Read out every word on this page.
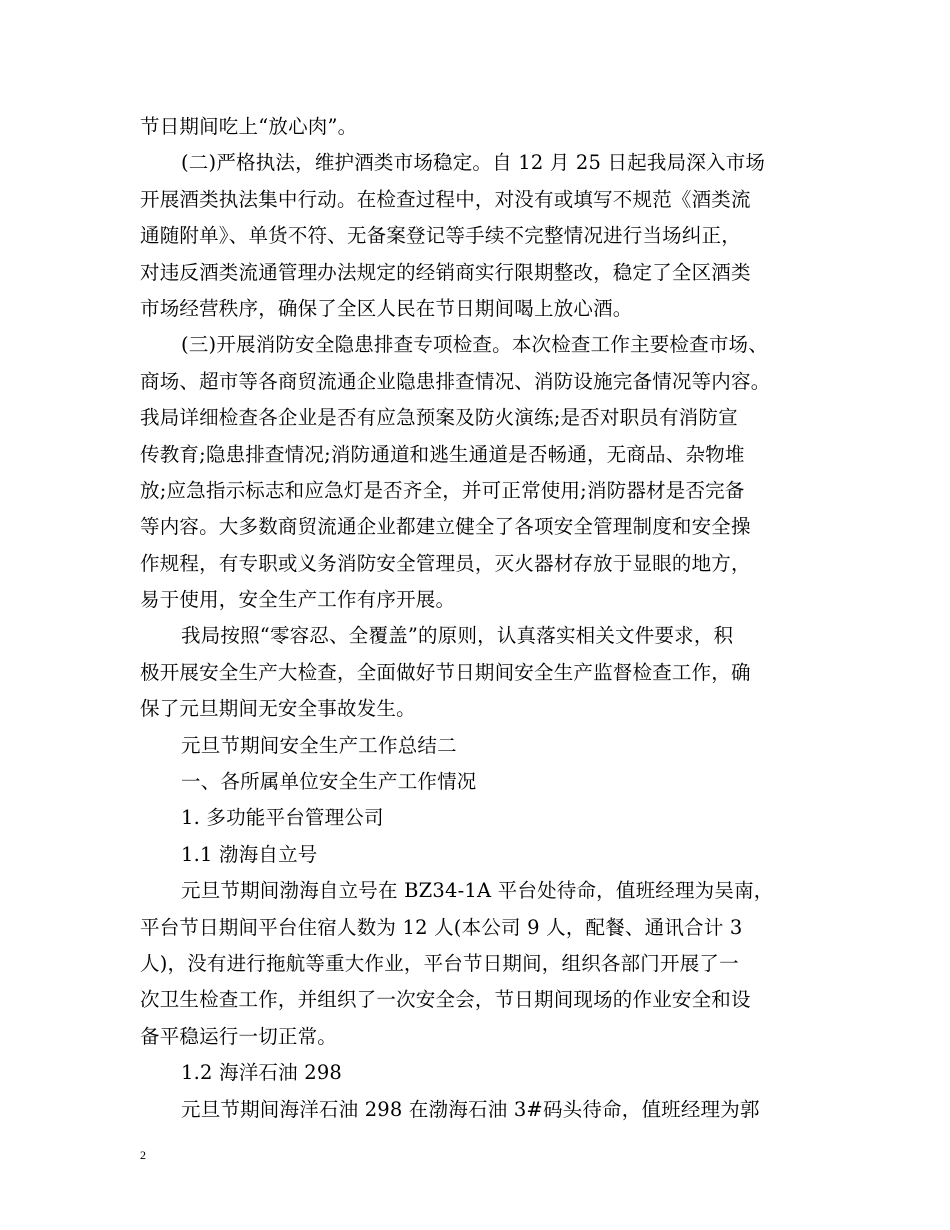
节日期间吃上“放心肉”。
(二)严格执法，维护酒类市场稳定。自 12 月 25 日起我局深入市场
开展酒类执法集中行动。在检查过程中，对没有或填写不规范《酒类流
通随附单》、单货不符、无备案登记等手续不完整情况进行当场纠正，
对违反酒类流通管理办法规定的经销商实行限期整改，稳定了全区酒类
市场经营秩序，确保了全区人民在节日期间喝上放心酒。
(三)开展消防安全隐患排查专项检查。本次检查工作主要检查市场、
商场、超市等各商贸流通企业隐患排查情况、消防设施完备情况等内容。
我局详细检查各企业是否有应急预案及防火演练;是否对职员有消防宣
传教育;隐患排查情况;消防通道和逃生通道是否畅通，无商品、杂物堆
放;应急指示标志和应急灯是否齐全，并可正常使用;消防器材是否完备
等内容。大多数商贸流通企业都建立健全了各项安全管理制度和安全操
作规程，有专职或义务消防安全管理员，灭火器材存放于显眼的地方，
易于使用，安全生产工作有序开展。
我局按照“零容忍、全覆盖”的原则，认真落实相关文件要求，积
极开展安全生产大检查，全面做好节日期间安全生产监督检查工作，确
保了元旦期间无安全事故发生。
元旦节期间安全生产工作总结二
一、各所属单位安全生产工作情况
1. 多功能平台管理公司
1.1 渤海自立号
元旦节期间渤海自立号在 BZ34-1A 平台处待命，值班经理为吴南，
平台节日期间平台住宿人数为 12 人(本公司 9 人，配餐、通讯合计 3
人)，没有进行拖航等重大作业，平台节日期间，组织各部门开展了一
次卫生检查工作，并组织了一次安全会，节日期间现场的作业安全和设
备平稳运行一切正常。
1.2 海洋石油 298
元旦节期间海洋石油 298 在渤海石油 3#码头待命，值班经理为郭
2
